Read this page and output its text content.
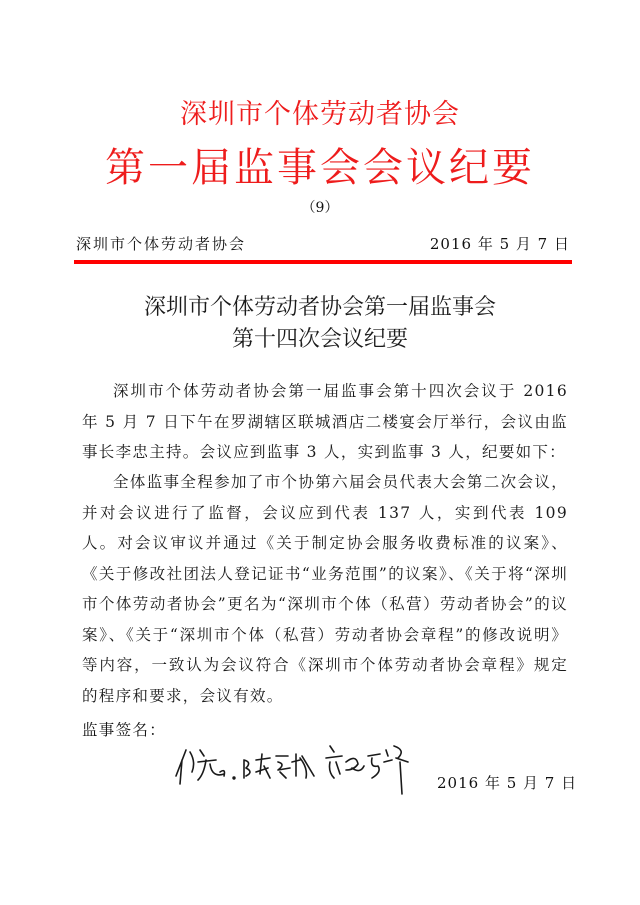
深圳市个体劳动者协会
第一届监事会会议纪要
（9）
深圳市个体劳动者协会	2016 年 5 月 7 日
深圳市个体劳动者协会第一届监事会
第十四次会议纪要

深圳市个体劳动者协会第一届监事会第十四次会议于 2016 年 5 月 7 日下午在罗湖辖区联城酒店二楼宴会厅举行，会议由监事长李忠主持。会议应到监事 3 人，实到监事 3 人，纪要如下：

全体监事全程参加了市个协第六届会员代表大会第二次会议，并对会议进行了监督，会议应到代表 137 人，实到代表 109 人。对会议审议并通过《关于制定协会服务收费标准的议案》、《关于修改社团法人登记证书“业务范围”的议案》、《关于将“深圳市个体劳动者协会”更名为“深圳市个体（私营）劳动者协会”的议案》、《关于“深圳市个体（私营）劳动者协会章程”的修改说明》等内容，一致认为会议符合《深圳市个体劳动者协会章程》规定的程序和要求，会议有效。

监事签名：
2016 年 5 月 7 日
